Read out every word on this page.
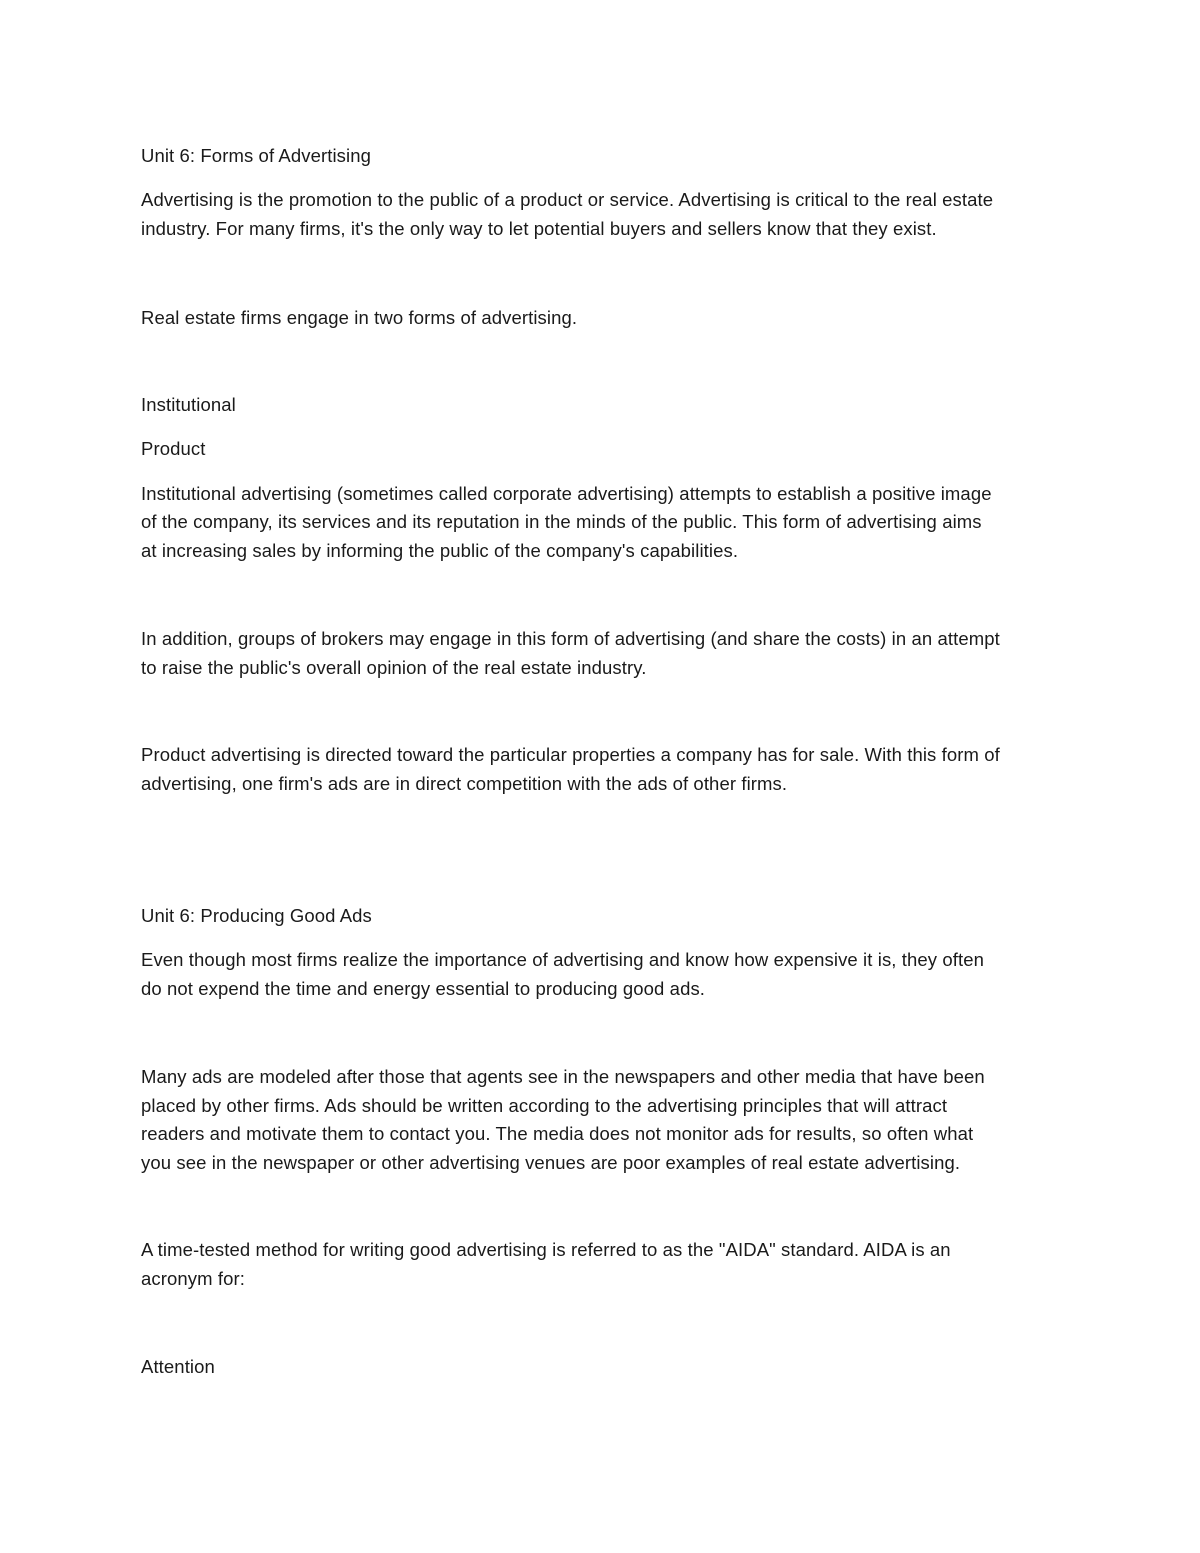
Unit 6: Forms of Advertising
Advertising is the promotion to the public of a product or service. Advertising is critical to the real estate
industry. For many firms, it's the only way to let potential buyers and sellers know that they exist.
Real estate firms engage in two forms of advertising.
Institutional
Product
Institutional advertising (sometimes called corporate advertising) attempts to establish a positive image
of the company, its services and its reputation in the minds of the public. This form of advertising aims
at increasing sales by informing the public of the company's capabilities.
In addition, groups of brokers may engage in this form of advertising (and share the costs) in an attempt
to raise the public's overall opinion of the real estate industry.
Product advertising is directed toward the particular properties a company has for sale. With this form of
advertising, one firm's ads are in direct competition with the ads of other firms.
Unit 6: Producing Good Ads
Even though most firms realize the importance of advertising and know how expensive it is, they often
do not expend the time and energy essential to producing good ads.
Many ads are modeled after those that agents see in the newspapers and other media that have been
placed by other firms. Ads should be written according to the advertising principles that will attract
readers and motivate them to contact you. The media does not monitor ads for results, so often what
you see in the newspaper or other advertising venues are poor examples of real estate advertising.
A time-tested method for writing good advertising is referred to as the "AIDA" standard. AIDA is an
acronym for:
Attention
